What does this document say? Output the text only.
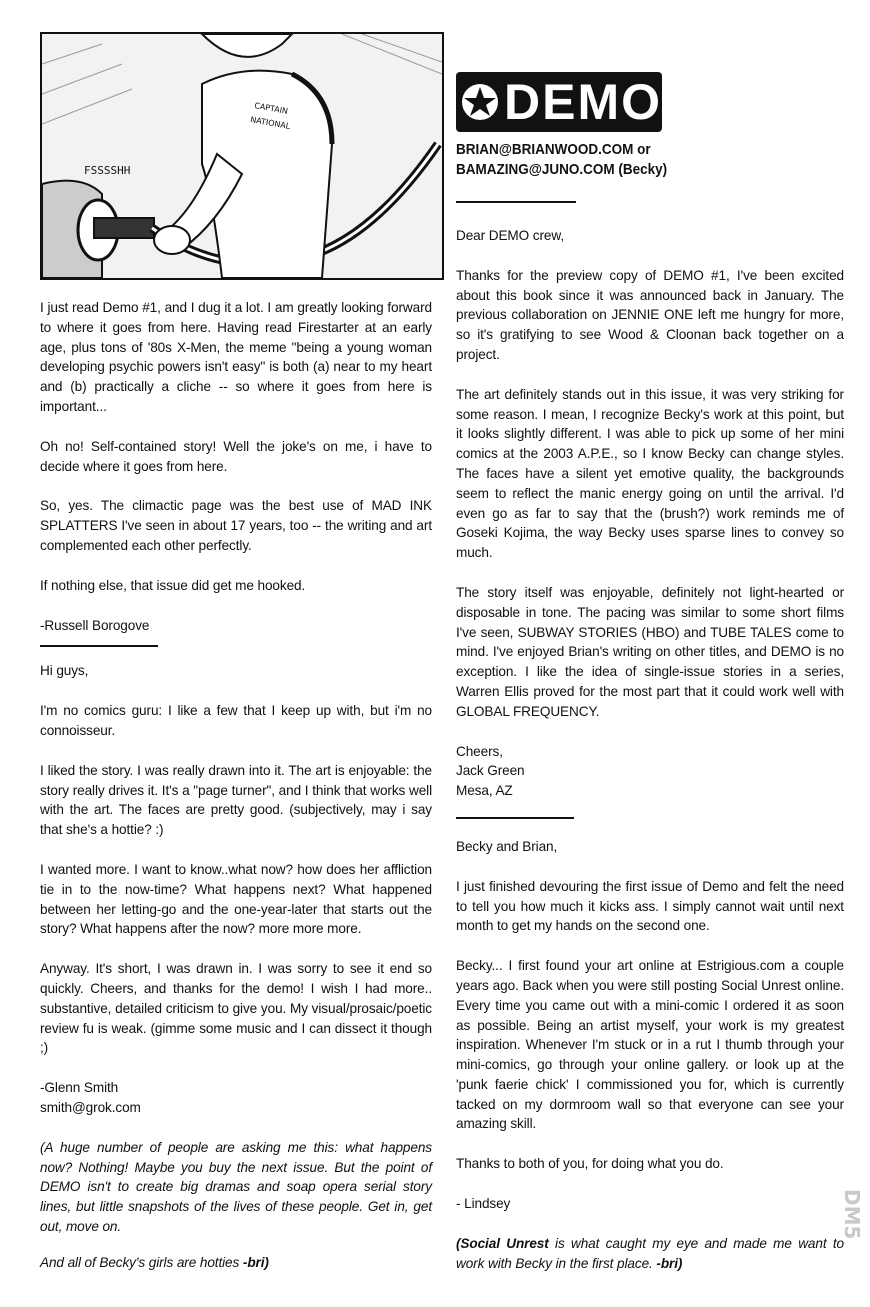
FSSSSHH
CAPTAIN
NATIONAL	DEMO
BRIAN@BRIANWOOD.COM or
BAMAZING@JUNO.COM (Becky)

I just read Demo #1, and I dug it a lot. I am greatly looking forward to where it goes from here. Having read Firestarter at an early age, plus tons of '80s X-Men, the meme "being a young woman developing psychic powers isn't easy" is both (a) near to my heart and (b) practically a cliche -- so where it goes from here is important...

Oh no! Self-contained story! Well the joke's on me, i have to decide where it goes from here.

So, yes. The climactic page was the best use of MAD INK SPLATTERS I've seen in about 17 years, too -- the writing and art complemented each other perfectly.

If nothing else, that issue did get me hooked.

-Russell Borogove

Hi guys,

I'm no comics guru: I like a few that I keep up with, but i'm no connoisseur.

I liked the story. I was really drawn into it. The art is enjoyable: the story really drives it. It's a "page turner", and I think that works well with the art. The faces are pretty good. (subjectively, may i say that she's a hottie? :)

I wanted more. I want to know..what now? how does her affliction tie in to the now-time? What happens next? What happened between her letting-go and the one-year-later that starts out the story? What happens after the now? more more more.

Anyway. It's short, I was drawn in. I was sorry to see it end so quickly. Cheers, and thanks for the demo! I wish I had more.. substantive, detailed criticism to give you. My visual/prosaic/poetic review fu is weak. (gimme some music and I can dissect it though ;)

-Glenn Smith
smith@grok.com

(A huge number of people are asking me this: what happens now? Nothing! Maybe you buy the next issue. But the point of DEMO isn't to create big dramas and soap opera serial story lines, but little snapshots of the lives of these people. Get in, get out, move on.

And all of Becky's girls are hotties -bri)

Dear DEMO crew,

Thanks for the preview copy of DEMO #1, I've been excited about this book since it was announced back in January. The previous collaboration on JENNIE ONE left me hungry for more, so it's gratifying to see Wood & Cloonan back together on a project.

The art definitely stands out in this issue, it was very striking for some reason. I mean, I recognize Becky's work at this point, but it looks slightly different. I was able to pick up some of her mini comics at the 2003 A.P.E., so I know Becky can change styles. The faces have a silent yet emotive quality, the backgrounds seem to reflect the manic energy going on until the arrival. I'd even go as far to say that the (brush?) work reminds me of Goseki Kojima, the way Becky uses sparse lines to convey so much.

The story itself was enjoyable, definitely not light-hearted or disposable in tone. The pacing was similar to some short films I've seen, SUBWAY STORIES (HBO) and TUBE TALES come to mind. I've enjoyed Brian's writing on other titles, and DEMO is no exception. I like the idea of single-issue stories in a series, Warren Ellis proved for the most part that it could work well with GLOBAL FREQUENCY.

Cheers,
Jack Green
Mesa, AZ

Becky and Brian,

I just finished devouring the first issue of Demo and felt the need to tell you how much it kicks ass. I simply cannot wait until next month to get my hands on the second one.

Becky... I first found your art online at Estrigious.com a couple years ago. Back when you were still posting Social Unrest online. Every time you came out with a mini-comic I ordered it as soon as possible. Being an artist myself, your work is my greatest inspiration. Whenever I'm stuck or in a rut I thumb through your mini-comics, go through your online gallery. or look up at the 'punk faerie chick' I commissioned you for, which is currently tacked on my dormroom wall so that everyone can see your amazing skill.

Thanks to both of you, for doing what you do.

- Lindsey

(Social Unrest is what caught my eye and made me want to work with Becky in the first place. -bri)

DM5
